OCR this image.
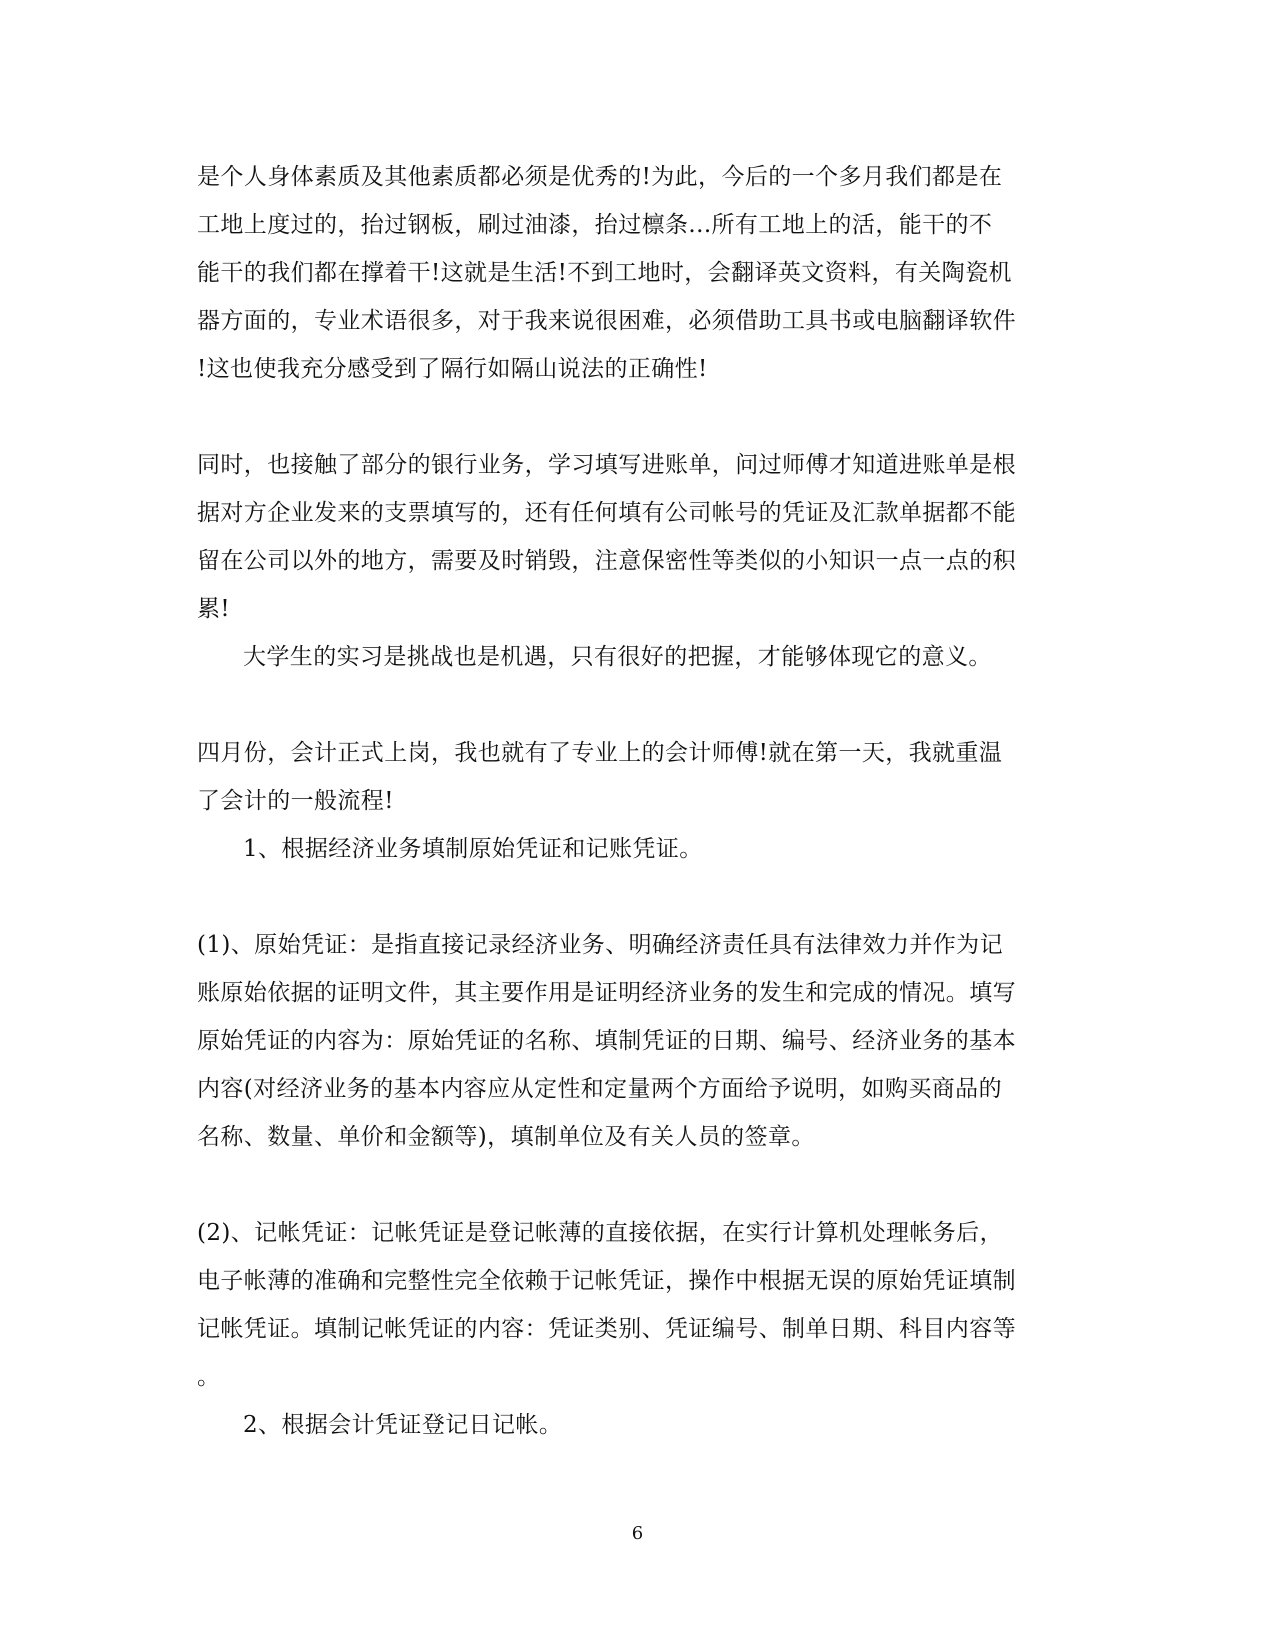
是个人身体素质及其他素质都必须是优秀的!为此，今后的一个多月我们都是在
工地上度过的，抬过钢板，刷过油漆，抬过檩条...所有工地上的活，能干的不
能干的我们都在撑着干!这就是生活!不到工地时，会翻译英文资料，有关陶瓷机
器方面的，专业术语很多，对于我来说很困难，必须借助工具书或电脑翻译软件
!这也使我充分感受到了隔行如隔山说法的正确性!
同时，也接触了部分的银行业务，学习填写进账单，问过师傅才知道进账单是根
据对方企业发来的支票填写的，还有任何填有公司帐号的凭证及汇款单据都不能
留在公司以外的地方，需要及时销毁，注意保密性等类似的小知识一点一点的积
累!
大学生的实习是挑战也是机遇，只有很好的把握，才能够体现它的意义。
四月份，会计正式上岗，我也就有了专业上的会计师傅!就在第一天，我就重温
了会计的一般流程!
1、根据经济业务填制原始凭证和记账凭证。
(1)、原始凭证：是指直接记录经济业务、明确经济责任具有法律效力并作为记
账原始依据的证明文件，其主要作用是证明经济业务的发生和完成的情况。填写
原始凭证的内容为：原始凭证的名称、填制凭证的日期、编号、经济业务的基本
内容(对经济业务的基本内容应从定性和定量两个方面给予说明，如购买商品的
名称、数量、单价和金额等)，填制单位及有关人员的签章。
(2)、记帐凭证：记帐凭证是登记帐薄的直接依据，在实行计算机处理帐务后，
电子帐薄的准确和完整性完全依赖于记帐凭证，操作中根据无误的原始凭证填制
记帐凭证。填制记帐凭证的内容：凭证类别、凭证编号、制单日期、科目内容等
。
2、根据会计凭证登记日记帐。
6
